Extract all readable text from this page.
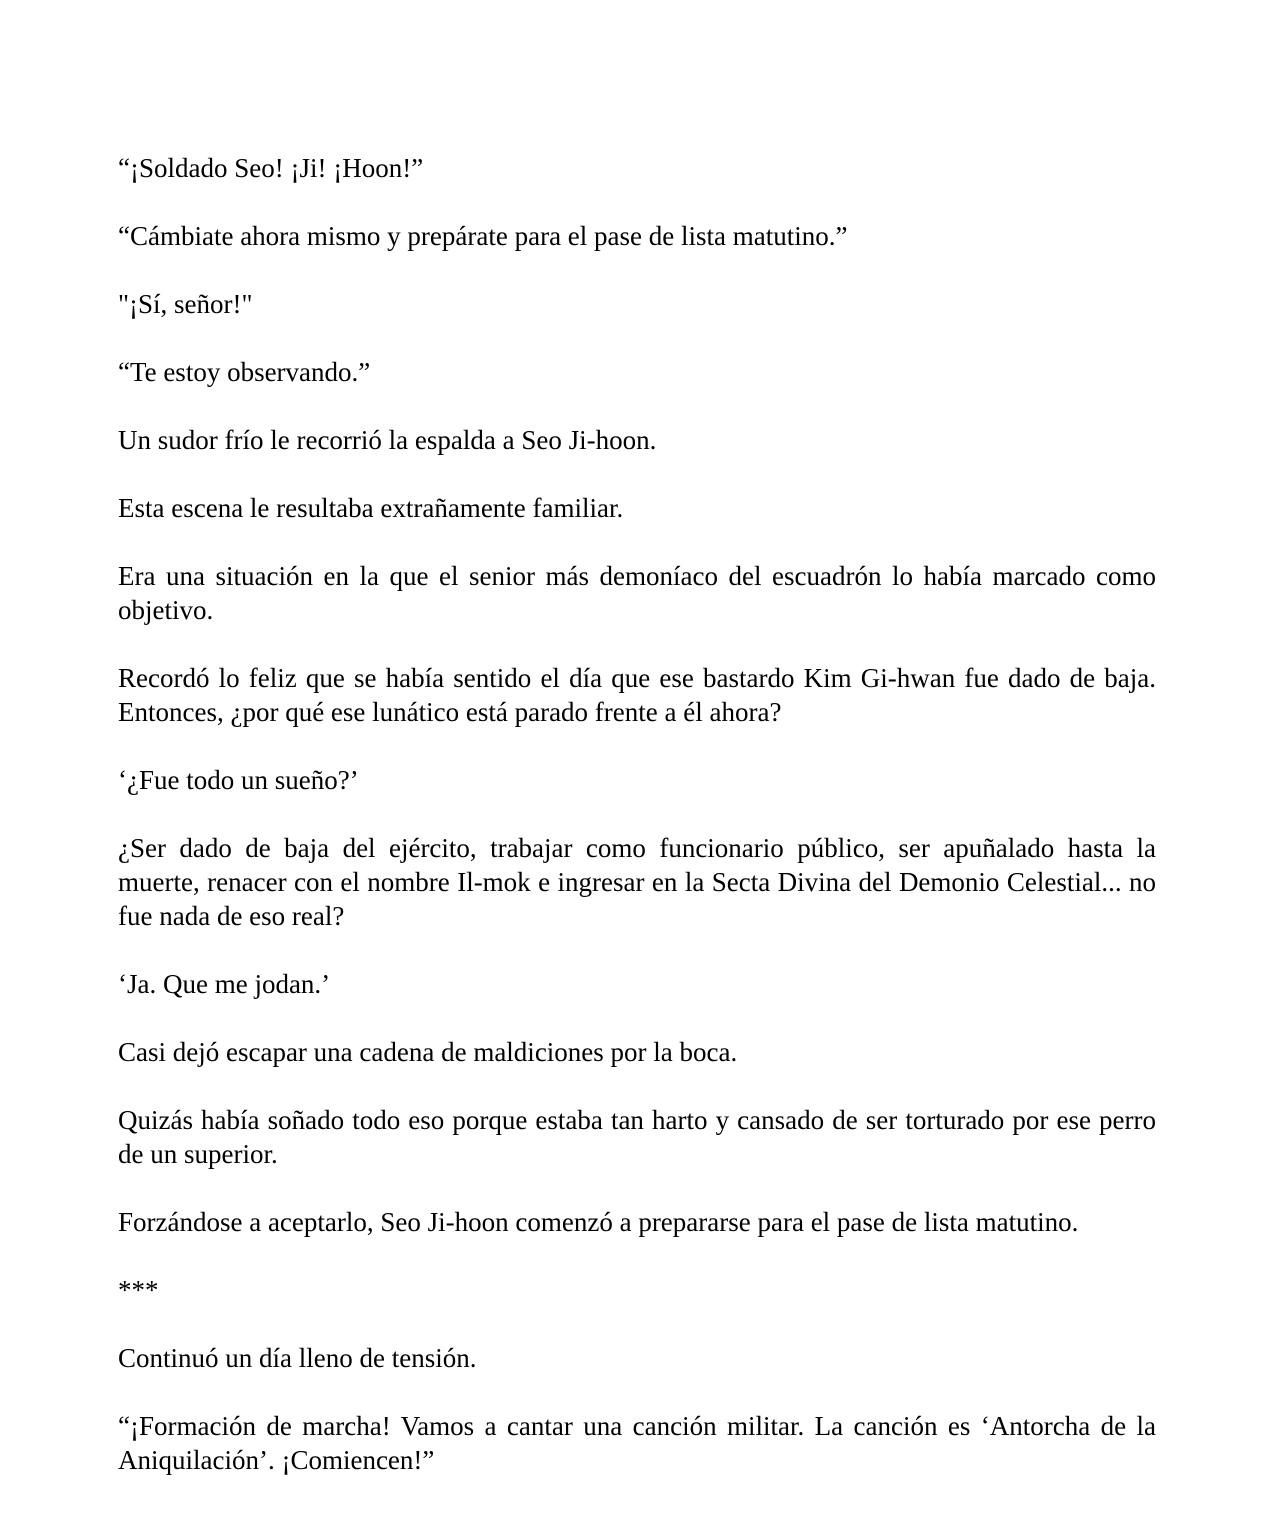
“¡Soldado Seo! ¡Ji! ¡Hoon!”

“Cámbiate ahora mismo y prepárate para el pase de lista matutino.”

"¡Sí, señor!"

“Te estoy observando.”

Un sudor frío le recorrió la espalda a Seo Ji-hoon.

Esta escena le resultaba extrañamente familiar.

Era una situación en la que el senior más demoníaco del escuadrón lo había marcado como objetivo.

Recordó lo feliz que se había sentido el día que ese bastardo Kim Gi-hwan fue dado de baja. Entonces, ¿por qué ese lunático está parado frente a él ahora?

‘¿Fue todo un sueño?’

¿Ser dado de baja del ejército, trabajar como funcionario público, ser apuñalado hasta la muerte, renacer con el nombre Il-mok e ingresar en la Secta Divina del Demonio Celestial... no fue nada de eso real?

‘Ja. Que me jodan.’

Casi dejó escapar una cadena de maldiciones por la boca.

Quizás había soñado todo eso porque estaba tan harto y cansado de ser torturado por ese perro de un superior.

Forzándose a aceptarlo, Seo Ji-hoon comenzó a prepararse para el pase de lista matutino.

***

Continuó un día lleno de tensión.

“¡Formación de marcha! Vamos a cantar una canción militar. La canción es ‘Antorcha de la Aniquilación’. ¡Comiencen!”
